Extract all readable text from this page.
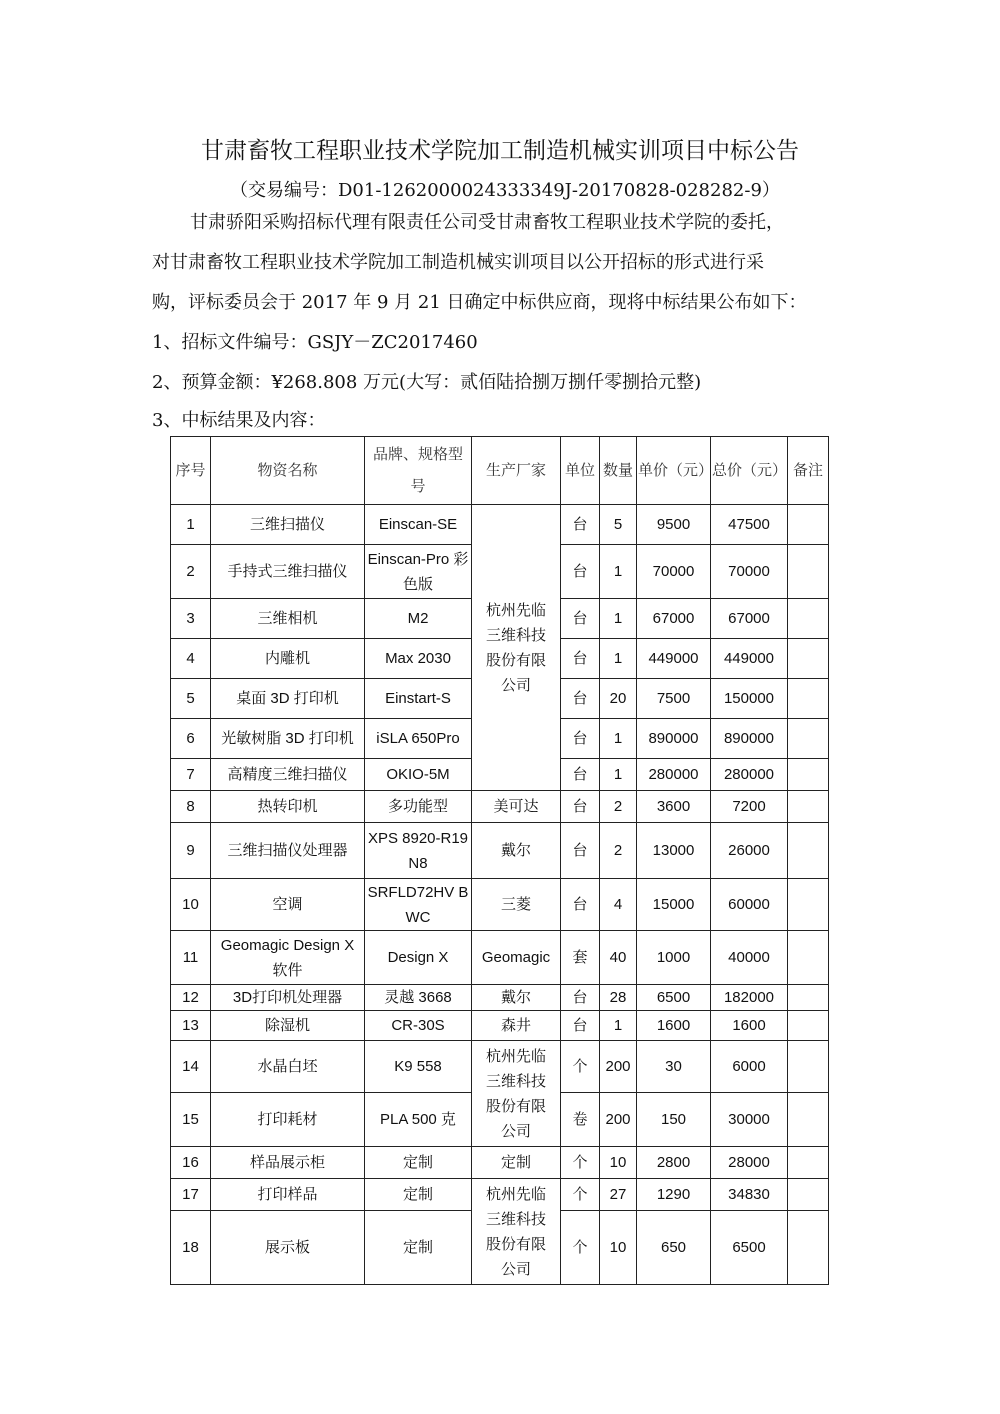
甘肃畜牧工程职业技术学院加工制造机械实训项目中标公告
（交易编号：D01-1262000024333349J-20170828-028282-9）
甘肃骄阳采购招标代理有限责任公司受甘肃畜牧工程职业技术学院的委托，
对甘肃畜牧工程职业技术学院加工制造机械实训项目以公开招标的形式进行采
购，评标委员会于 2017 年 9 月 21 日确定中标供应商，现将中标结果公布如下：
1、招标文件编号：GSJY－ZC2017460
2、预算金额：¥268.808 万元(大写：贰佰陆拾捌万捌仟零捌拾元整)
3、中标结果及内容：
序号	物资名称	品牌、规格型号	生产厂家	单位	数量	单价（元）	总价（元）	备注
1	三维扫描仪	Einscan-SE	杭州先临三维科技股份有限公司	台	5	9500	47500	
2	手持式三维扫描仪	Einscan-Pro 彩色版		台	1	70000	70000	
3	三维相机	M2		台	1	67000	67000	
4	内雕机	Max 2030		台	1	449000	449000	
5	桌面 3D 打印机	Einstart-S		台	20	7500	150000	
6	光敏树脂 3D 打印机	iSLA 650Pro		台	1	890000	890000	
7	高精度三维扫描仪	OKIO-5M		台	1	280000	280000	
8	热转印机	多功能型	美可达	台	2	3600	7200	
9	三维扫描仪处理器	XPS 8920-R19N8	戴尔	台	2	13000	26000	
10	空调	SRFLD72HV BWC	三菱	台	4	15000	60000	
11	Geomagic Design X 软件	Design X	Geomagic	套	40	1000	40000	
12	3D打印机处理器	灵越 3668	戴尔	台	28	6500	182000	
13	除湿机	CR-30S	森井	台	1	1600	1600	
14	水晶白坯	K9 558	杭州先临三维科技股份有限公司	个	200	30	6000	
15	打印耗材	PLA 500 克		卷	200	150	30000	
16	样品展示柜	定制	定制	个	10	2800	28000	
17	打印样品	定制	杭州先临三维科技股份有限公司	个	27	1290	34830	
18	展示板	定制		个	10	650	6500	
